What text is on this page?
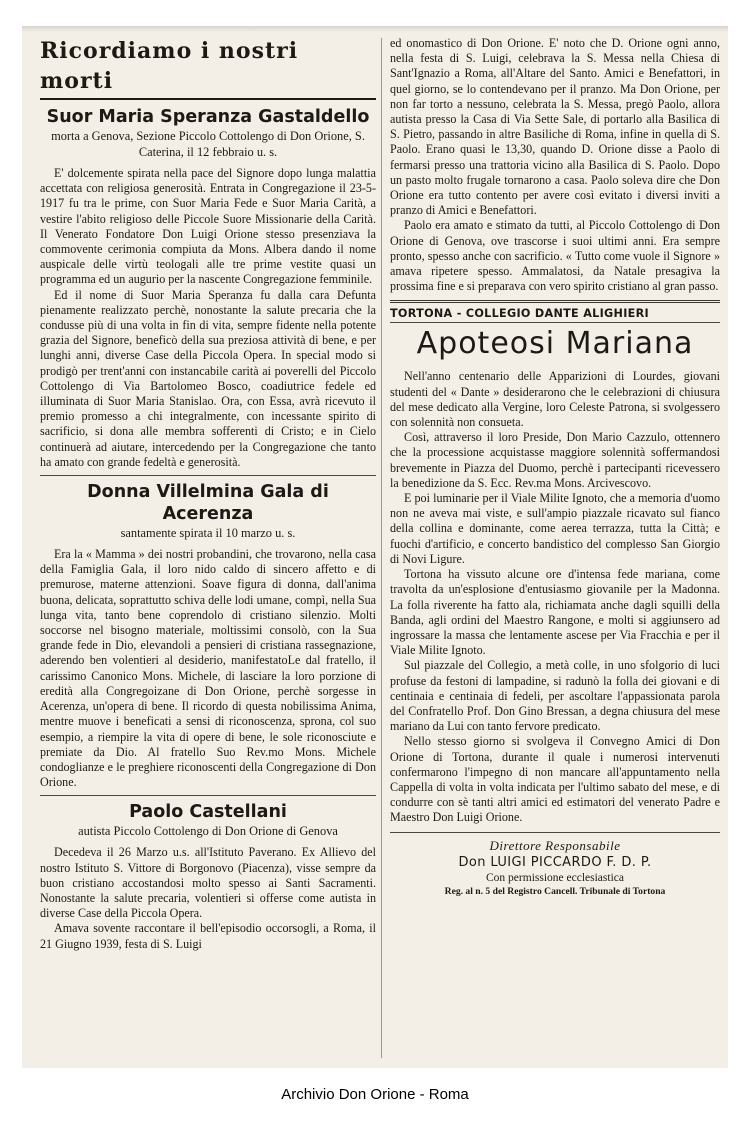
Ricordiamo i nostri morti
Suor Maria Speranza Gastaldello

morta a Genova, Sezione Piccolo Cottolengo di Don Orione, S. Caterina, il 12 febbraio u. s.

E' dolcemente spirata nella pace del Signore dopo lunga malattia accettata con religiosa generosità. Entrata in Congregazione il 23-5-1917 fu tra le prime, con Suor Maria Fede e Suor Maria Carità, a vestire l'abito religioso delle Piccole Suore Missionarie della Carità. Il Venerato Fondatore Don Luigi Orione stesso presenziava la commovente cerimonia compiuta da Mons. Albera dando il nome auspicale delle virtù teologali alle tre prime vestite quasi un programma ed un augurio per la nascente Congregazione femminile.

Ed il nome di Suor Maria Speranza fu dalla cara Defunta pienamente realizzato perchè, nonostante la salute precaria che la condusse più di una volta in fin di vita, sempre fidente nella potente grazia del Signore, beneficò della sua preziosa attività di bene, e per lunghi anni, diverse Case della Piccola Opera. In special modo si prodigò per trent'anni con instancabile carità ai poverelli del Piccolo Cottolengo di Via Bartolomeo Bosco, coadiutrice fedele ed illuminata di Suor Maria Stanislao. Ora, con Essa, avrà ricevuto il premio promesso a chi integralmente, con incessante spirito di sacrificio, si dona alle membra sofferenti di Cristo; e in Cielo continuerà ad aiutare, intercedendo per la Congregazione che tanto ha amato con grande fedeltà e generosità.

Donna Villelmina Gala di Acerenza

santamente spirata il 10 marzo u. s.

Era la « Mamma » dei nostri probandini, che trovarono, nella casa della Famiglia Gala, il loro nido caldo di sincero affetto e di premurose, materne attenzioni. Soave figura di donna, dall'anima buona, delicata, soprattutto schiva delle lodi umane, compì, nella Sua lunga vita, tanto bene coprendolo di cristiano silenzio. Molti soccorse nel bisogno materiale, moltissimi consolò, con la Sua grande fede in Dio, elevandoli a pensieri di cristiana rassegnazione, aderendo ben volentieri al desiderio, manifestatoLe dal fratello, il carissimo Canonico Mons. Michele, di lasciare la loro porzione di eredità alla Congregoizane di Don Orione, perchè sorgesse in Acerenza, un'opera di bene. Il ricordo di questa nobilissima Anima, mentre muove i beneficati a sensi di riconoscenza, sprona, col suo esempio, a riempire la vita di opere di bene, le sole riconosciute e premiate da Dio. Al fratello Suo Rev.mo Mons. Michele condoglianze e le preghiere riconoscenti della Congregazione di Don Orione.

Paolo Castellani

autista Piccolo Cottolengo di Don Orione di Genova

Decedeva il 26 Marzo u.s. all'Istituto Paverano. Ex Allievo del nostro Istituto S. Vittore di Borgonovo (Piacenza), visse sempre da buon cristiano accostandosi molto spesso ai Santi Sacramenti. Nonostante la salute precaria, volentieri si offerse come autista in diverse Case della Piccola Opera.

Amava sovente raccontare il bell'episodio occorsogli, a Roma, il 21 Giugno 1939, festa di S. Luigi

ed onomastico di Don Orione. E' noto che D. Orione ogni anno, nella festa di S. Luigi, celebrava la S. Messa nella Chiesa di Sant'Ignazio a Roma, all'Altare del Santo. Amici e Benefattori, in quel giorno, se lo contendevano per il pranzo. Ma Don Orione, per non far torto a nessuno, celebrata la S. Messa, pregò Paolo, allora autista presso la Casa di Via Sette Sale, di portarlo alla Basilica di S. Pietro, passando in altre Basiliche di Roma, infine in quella di S. Paolo. Erano quasi le 13,30, quando D. Orione disse a Paolo di fermarsi presso una trattoria vicino alla Basilica di S. Paolo. Dopo un pasto molto frugale tornarono a casa. Paolo soleva dire che Don Orione era tutto contento per avere così evitato i diversi inviti a pranzo di Amici e Benefattori.

Paolo era amato e stimato da tutti, al Piccolo Cottolengo di Don Orione di Genova, ove trascorse i suoi ultimi anni. Era sempre pronto, spesso anche con sacrificio. « Tutto come vuole il Signore » amava ripetere spesso. Ammalatosi, da Natale presagiva la prossima fine e si preparava con vero spirito cristiano al gran passo.

TORTONA - COLLEGIO DANTE ALIGHIERI
Apoteosi Mariana

Nell'anno centenario delle Apparizioni di Lourdes, giovani studenti del « Dante » desiderarono che le celebrazioni di chiusura del mese dedicato alla Vergine, loro Celeste Patrona, si svolgessero con solennità non consueta.

Così, attraverso il loro Preside, Don Mario Cazzulo, ottennero che la processione acquistasse maggiore solennità soffermandosi brevemente in Piazza del Duomo, perchè i partecipanti ricevessero la benedizione da S. Ecc. Rev.ma Mons. Arcivescovo.

E poi luminarie per il Viale Milite Ignoto, che a memoria d'uomo non ne aveva mai viste, e sull'ampio piazzale ricavato sul fianco della collina e dominante, come aerea terrazza, tutta la Città; e fuochi d'artificio, e concerto bandistico del complesso San Giorgio di Novi Ligure.

Tortona ha vissuto alcune ore d'intensa fede mariana, come travolta da un'esplosione d'entusiasmo giovanile per la Madonna. La folla riverente ha fatto ala, richiamata anche dagli squilli della Banda, agli ordini del Maestro Rangone, e molti si aggiunsero ad ingrossare la massa che lentamente ascese per Via Fracchia e per il Viale Milite Ignoto.

Sul piazzale del Collegio, a metà colle, in uno sfolgorio di luci profuse da festoni di lampadine, si radunò la folla dei giovani e di centinaia e centinaia di fedeli, per ascoltare l'appassionata parola del Confratello Prof. Don Gino Bressan, a degna chiusura del mese mariano da Lui con tanto fervore predicato.

Nello stesso giorno si svolgeva il Convegno Amici di Don Orione di Tortona, durante il quale i numerosi intervenuti confermarono l'impegno di non mancare all'appuntamento nella Cappella di volta in volta indicata per l'ultimo sabato del mese, e di condurre con sè tanti altri amici ed estimatori del venerato Padre e Maestro Don Luigi Orione.

Direttore Responsabile
Don LUIGI PICCARDO F. D. P.
Con permissione ecclesiastica
Reg. al n. 5 del Registro Cancell. Tribunale di Tortona
Archivio Don Orione - Roma
